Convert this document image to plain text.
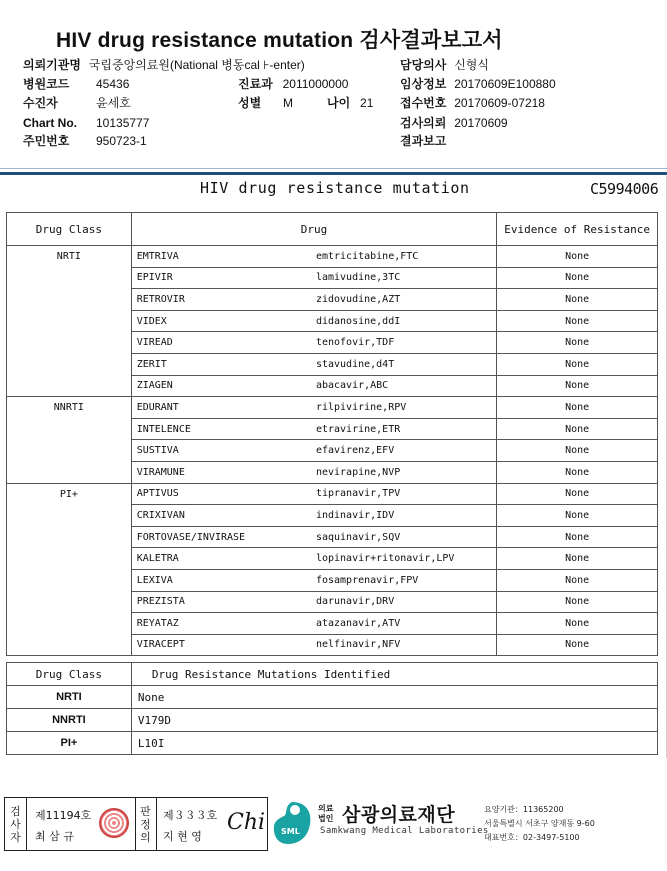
HIV drug resistance mutation 검사결과보고서
의뢰기관명 국립중앙의료원(National 병동cal ⊦-enter)	담당의사 신형식
병원코드 45436	진료과 2011000000	임상정보 20170609E100880
수진자	윤세호	성별 M	나이 21 접수번호 20170609-07218
Chart No. 10135777	검사의뢰 20170609
주민번호 950723-1	결과보고
HIV drug resistance mutation	C5994006
Drug Class	Drug		Evidence of Resistance
NRTI	EMTRIVA	emtricitabine,FTC	None
	EPIVIR	lamivudine,3TC	None
	RETROVIR	zidovudine,AZT	None
	VIDEX	didanosine,ddI	None
	VIREAD	tenofovir,TDF	None
	ZERIT	stavudine,d4T	None
	ZIAGEN	abacavir,ABC	None
NNRTI	EDURANT	rilpivirine,RPV	None
	INTELENCE	etravirine,ETR	None
	SUSTIVA	efavirenz,EFV	None
	VIRAMUNE	nevirapine,NVP	None
PI+	APTIVUS	tipranavir,TPV	None
	CRIXIVAN	indinavir,IDV	None
	FORTOVASE/INVIRASE	saquinavir,SQV	None
	KALETRA	lopinavir+ritonavir,LPV	None
	LEXIVA	fosamprenavir,FPV	None
	PREZISTA	darunavir,DRV	None
	REYATAZ	atazanavir,ATV	None
	VIRACEPT	nelfinavir,NFV	None
Drug Class	Drug Resistance Mutations Identified
NRTI	None
NNRTI	V179D
PI+	L10I
검
사
자
제11194호
최 삼 규
판
정
의
제３３３호
지 현 영
Chi SML
의료
법인 삼광의료재단
Samkwang Medical Laboratories
요양기관：11365200
서울특별시 서초구 양재동 9-60
대표번호：02-3497-5100
